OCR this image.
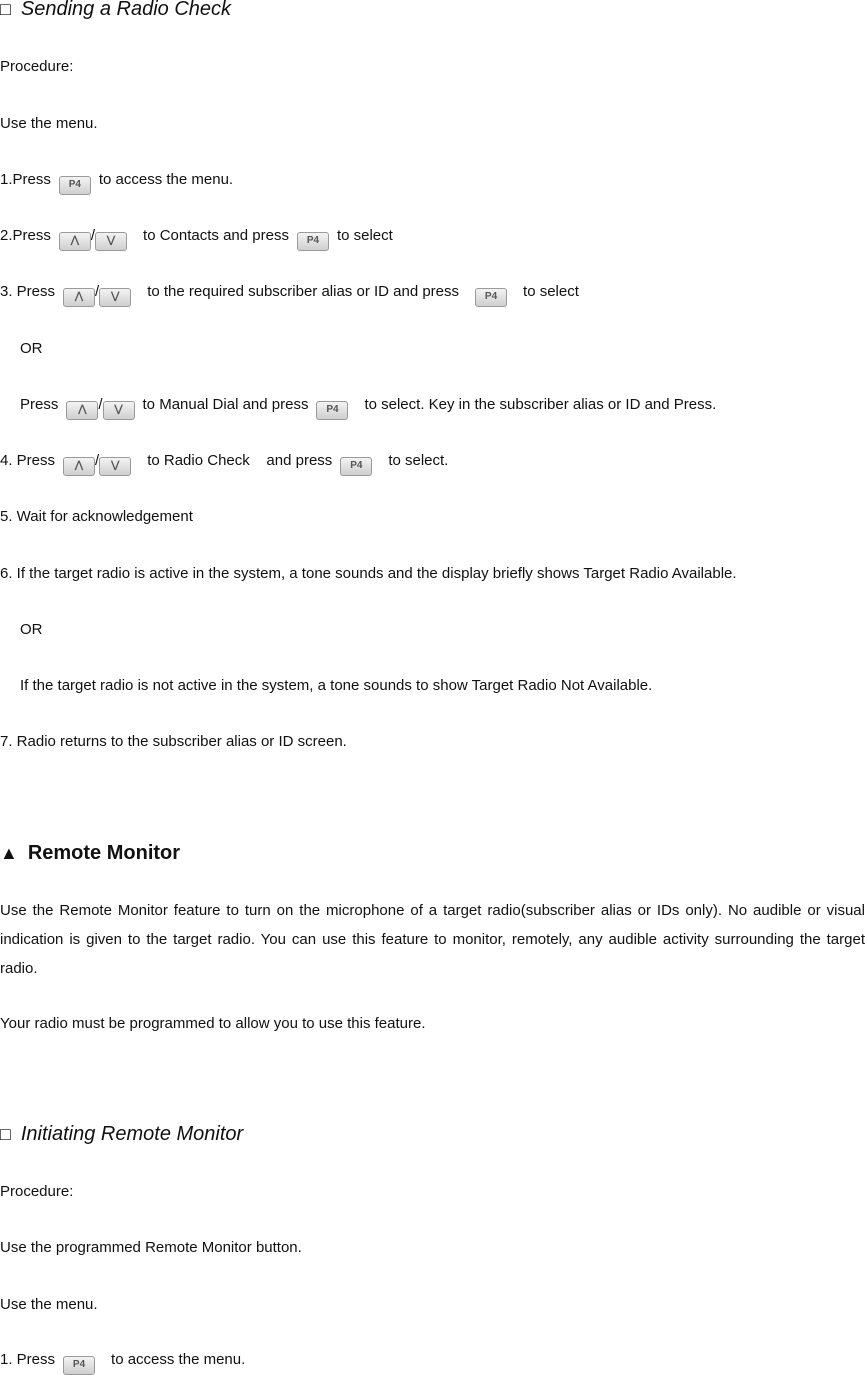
□ Sending a Radio Check
Procedure:
Use the menu.
1.Press P4 to access the menu.
2.Press ⋀ / ⋁ to Contacts and press P4 to select
3. Press ⋀ / ⋁ to the required subscriber alias or ID and press	P4 to select
OR
Press ⋀ / ⋁ to Manual Dial and press P4 to select. Key in the subscriber alias or ID and Press.
4. Press ⋀ / ⋁ to Radio Check    and press P4 to select.
5. Wait for acknowledgement
6. If the target radio is active in the system, a tone sounds and the display briefly shows Target Radio Available.
OR
If the target radio is not active in the system, a tone sounds to show Target Radio Not Available.
7. Radio returns to the subscriber alias or ID screen.
▲ Remote Monitor
Use the Remote Monitor feature to turn on the microphone of a target radio(subscriber alias or IDs only). No audible or visual indication is given to the target radio. You can use this feature to monitor, remotely, any audible activity surrounding the target radio.
Your radio must be programmed to allow you to use this feature.
□ Initiating Remote Monitor
Procedure:
Use the programmed Remote Monitor button.
Use the menu.
1. Press P4 to access the menu.
